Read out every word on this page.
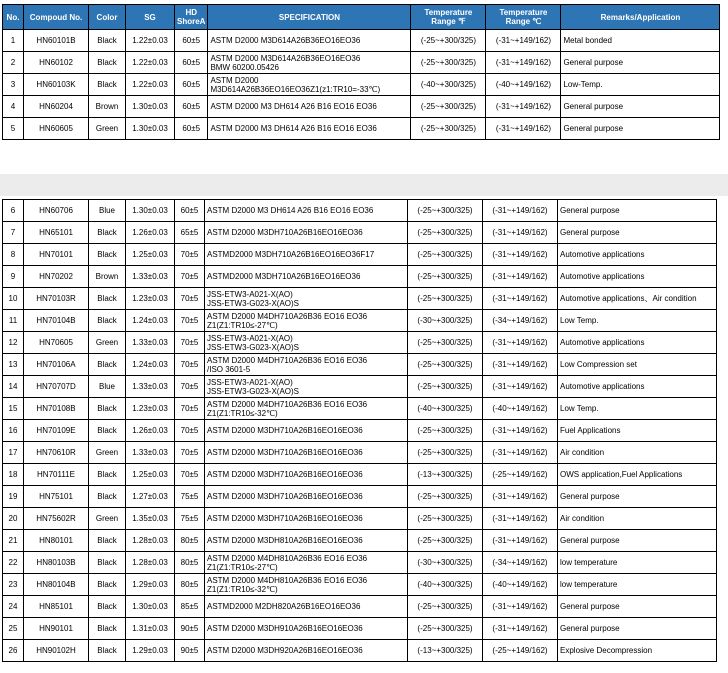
No.	Compoud No.	Color	SG	HD ShoreA	SPECIFICATION	Temperature Range ℉	Temperature Range ℃	Remarks/Application
1	HN60101B	Black	1.22±0.03	60±5	ASTM D2000 M3D614A26B36EO16EO36	(-25~+300/325)	(-31~+149/162)	Metal bonded
2	HN60102	Black	1.22±0.03	60±5	ASTM D2000 M3D614A26B36EO16EO36
BMW 60200.05426	(-25~+300/325)	(-31~+149/162)	General purpose
3	HN60103K	Black	1.22±0.03	60±5	ASTM D2000
M3D614A26B36EO16EO36Z1(z1:TR10=-33℃)	(-40~+300/325)	(-40~+149/162)	Low-Temp.
4	HN60204	Brown	1.30±0.03	60±5	ASTM D2000 M3 DH614 A26 B16 EO16 EO36	(-25~+300/325)	(-31~+149/162)	General purpose
5	HN60605	Green	1.30±0.03	60±5	ASTM D2000 M3 DH614 A26 B16 EO16 EO36	(-25~+300/325)	(-31~+149/162)	General purpose
6	HN60706	Blue	1.30±0.03	60±5	ASTM D2000 M3 DH614 A26 B16 EO16 EO36	(-25~+300/325)	(-31~+149/162)	General purpose
7	HN65101	Black	1.26±0.03	65±5	ASTM D2000 M3DH710A26B16EO16EO36	(-25~+300/325)	(-31~+149/162)	General purpose
8	HN70101	Black	1.25±0.03	70±5	ASTMD2000 M3DH710A26B16EO16EO36F17	(-25~+300/325)	(-31~+149/162)	Automotive applications
9	HN70202	Brown	1.33±0.03	70±5	ASTMD2000 M3DH710A26B16EO16EO36	(-25~+300/325)	(-31~+149/162)	Automotive applications
10	HN70103R	Black	1.23±0.03	70±5	JSS-ETW3-A021-X(AO)
JSS-ETW3-G023-X(AO)S	(-25~+300/325)	(-31~+149/162)	Automotive applications、Air condition
11	HN70104B	Black	1.24±0.03	70±5	ASTM D2000 M4DH710A26B36 EO16 EO36
Z1(Z1:TR10≤-27℃)	(-30~+300/325)	(-34~+149/162)	Low Temp.
12	HN70605	Green	1.33±0.03	70±5	JSS-ETW3-A021-X(AO)
JSS-ETW3-G023-X(AO)S	(-25~+300/325)	(-31~+149/162)	Automotive applications
13	HN70106A	Black	1.24±0.03	70±5	ASTM D2000 M4DH710A26B36 EO16 EO36
/ISO 3601-5	(-25~+300/325)	(-31~+149/162)	Low Compression set
14	HN70707D	Blue	1.33±0.03	70±5	JSS-ETW3-A021-X(AO)
JSS-ETW3-G023-X(AO)S	(-25~+300/325)	(-31~+149/162)	Automotive applications
15	HN70108B	Black	1.23±0.03	70±5	ASTM D2000 M4DH710A26B36 EO16 EO36
Z1(Z1:TR10≤-32℃)	(-40~+300/325)	(-40~+149/162)	Low Temp.
16	HN70109E	Black	1.26±0.03	70±5	ASTM D2000 M3DH710A26B16EO16EO36	(-25~+300/325)	(-31~+149/162)	Fuel Applications
17	HN70610R	Green	1.33±0.03	70±5	ASTM D2000 M3DH710A26B16EO16EO36	(-25~+300/325)	(-31~+149/162)	Air condition
18	HN70111E	Black	1.25±0.03	70±5	ASTM D2000 M3DH710A26B16EO16EO36	(-13~+300/325)	(-25~+149/162)	OWS application,Fuel Applications
19	HN75101	Black	1.27±0.03	75±5	ASTM D2000 M3DH710A26B16EO16EO36	(-25~+300/325)	(-31~+149/162)	General purpose
20	HN75602R	Green	1.35±0.03	75±5	ASTM D2000 M3DH710A26B16EO16EO36	(-25~+300/325)	(-31~+149/162)	Air condition
21	HN80101	Black	1.28±0.03	80±5	ASTM D2000 M3DH810A26B16EO16EO36	(-25~+300/325)	(-31~+149/162)	General purpose
22	HN80103B	Black	1.28±0.03	80±5	ASTM D2000 M4DH810A26B36 EO16 EO36
Z1(Z1:TR10≤-27℃)	(-30~+300/325)	(-34~+149/162)	low temperature
23	HN80104B	Black	1.29±0.03	80±5	ASTM D2000 M4DH810A26B36 EO16 EO36
Z1(Z1:TR10≤-32℃)	(-40~+300/325)	(-40~+149/162)	low temperature
24	HN85101	Black	1.30±0.03	85±5	ASTMD2000 M2DH820A26B16EO16EO36	(-25~+300/325)	(-31~+149/162)	General purpose
25	HN90101	Black	1.31±0.03	90±5	ASTM D2000 M3DH910A26B16EO16EO36	(-25~+300/325)	(-31~+149/162)	General purpose
26	HN90102H	Black	1.29±0.03	90±5	ASTM D2000 M3DH920A26B16EO16EO36	(-13~+300/325)	(-25~+149/162)	Explosive Decompression
